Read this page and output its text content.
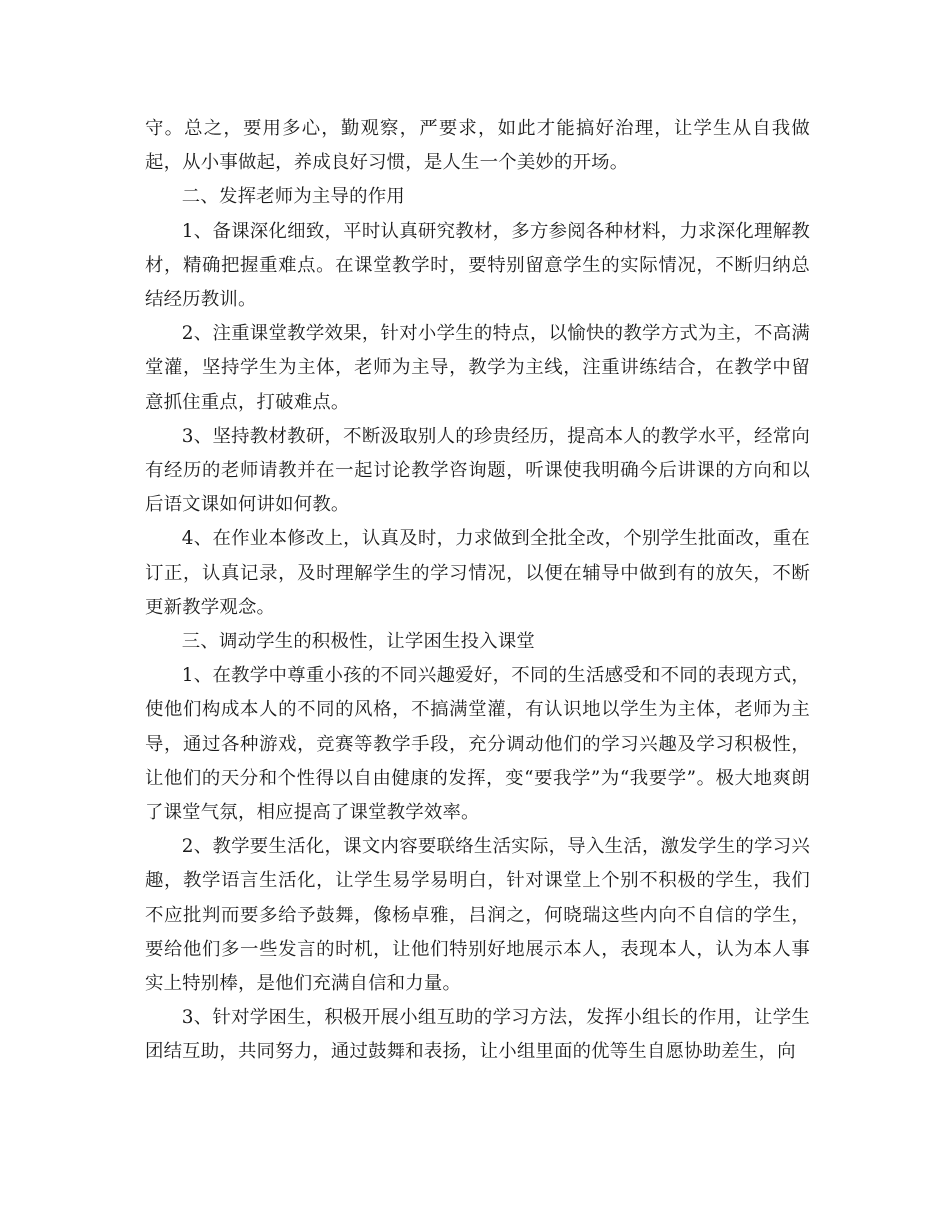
守。总之，要用多心，勤观察，严要求，如此才能搞好治理，让学生从自我做起，从小事做起，养成良好习惯，是人生一个美妙的开场。

二、发挥老师为主导的作用

1、备课深化细致，平时认真研究教材，多方参阅各种材料，力求深化理解教材，精确把握重难点。在课堂教学时，要特别留意学生的实际情况，不断归纳总结经历教训。

2、注重课堂教学效果，针对小学生的特点，以愉快的教学方式为主，不高满堂灌，坚持学生为主体，老师为主导，教学为主线，注重讲练结合，在教学中留意抓住重点，打破难点。

3、坚持教材教研，不断汲取别人的珍贵经历，提高本人的教学水平，经常向有经历的老师请教并在一起讨论教学咨询题，听课使我明确今后讲课的方向和以后语文课如何讲如何教。

4、在作业本修改上，认真及时，力求做到全批全改，个别学生批面改，重在订正，认真记录，及时理解学生的学习情况，以便在辅导中做到有的放矢，不断更新教学观念。

三、调动学生的积极性，让学困生投入课堂

1、在教学中尊重小孩的不同兴趣爱好，不同的生活感受和不同的表现方式，使他们构成本人的不同的风格，不搞满堂灌，有认识地以学生为主体，老师为主导，通过各种游戏，竞赛等教学手段，充分调动他们的学习兴趣及学习积极性，让他们的天分和个性得以自由健康的发挥，变“要我学”为“我要学”。极大地爽朗了课堂气氛，相应提高了课堂教学效率。

2、教学要生活化，课文内容要联络生活实际，导入生活，激发学生的学习兴趣，教学语言生活化，让学生易学易明白，针对课堂上个别不积极的学生，我们不应批判而要多给予鼓舞，像杨卓雅，吕润之，何晓瑞这些内向不自信的学生，要给他们多一些发言的时机，让他们特别好地展示本人，表现本人，认为本人事实上特别棒，是他们充满自信和力量。

3、针对学困生，积极开展小组互助的学习方法，发挥小组长的作用，让学生团结互助，共同努力，通过鼓舞和表扬，让小组里面的优等生自愿协助差生，向
